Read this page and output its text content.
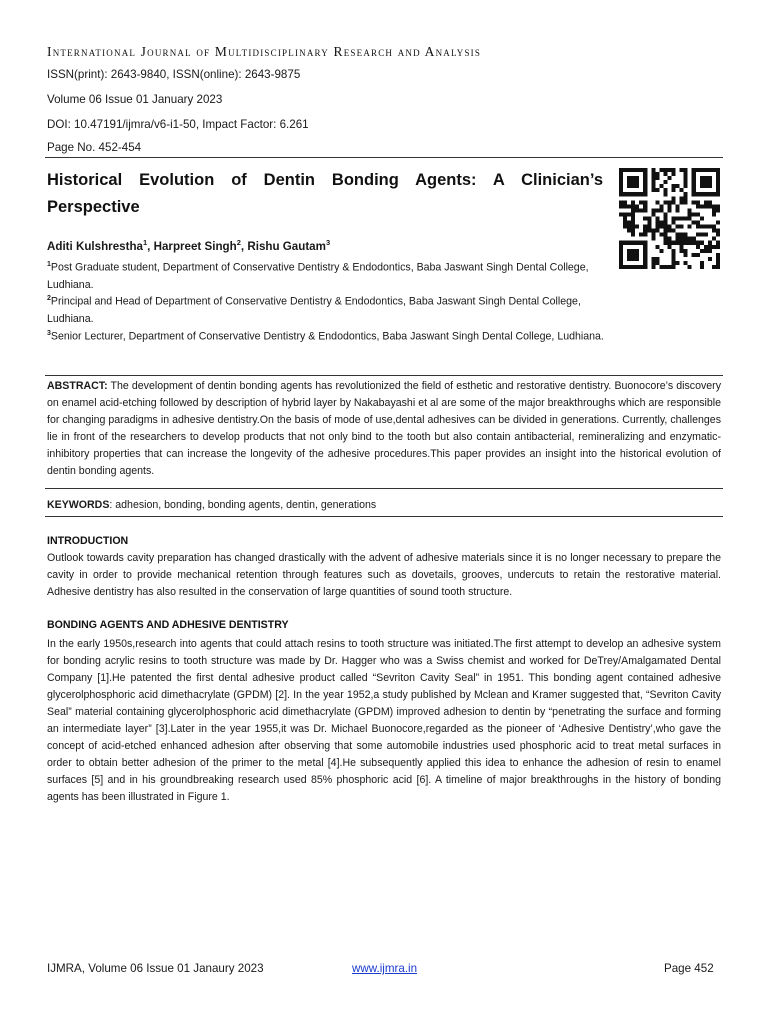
International Journal of Multidisciplinary Research and Analysis
ISSN(print): 2643-9840, ISSN(online): 2643-9875
Volume 06 Issue 01 January 2023
DOI: 10.47191/ijmra/v6-i1-50, Impact Factor: 6.261
Page No. 452-454
Historical Evolution of Dentin Bonding Agents: A Clinician’s Perspective
Aditi Kulshrestha$^1$, Harpreet Singh$^2$, Rishu Gautam$^3$
$^1$Post Graduate student, Department of Conservative Dentistry & Endodontics, Baba Jaswant Singh Dental College, Ludhiana.
$^2$Principal and Head of Department of Conservative Dentistry & Endodontics, Baba Jaswant Singh Dental College, Ludhiana.
$^3$Senior Lecturer, Department of Conservative Dentistry & Endodontics, Baba Jaswant Singh Dental College, Ludhiana.
ABSTRACT: The development of dentin bonding agents has revolutionized the field of esthetic and restorative dentistry. Buonocore’s discovery on enamel acid-etching followed by description of hybrid layer by Nakabayashi et al are some of the major breakthroughs which are responsible for changing paradigms in adhesive dentistry.On the basis of mode of use,dental adhesives can be divided in generations. Currently, challenges lie in front of the researchers to develop products that not only bind to the tooth but also contain antibacterial, remineralizing and enzymatic-inhibitory properties that can increase the longevity of the adhesive procedures.This paper provides an insight into the historical evolution of dentin bonding agents.
KEYWORDS: adhesion, bonding, bonding agents, dentin, generations
INTRODUCTION
Outlook towards cavity preparation has changed drastically with the advent of adhesive materials since it is no longer necessary to prepare the cavity in order to provide mechanical retention through features such as dovetails, grooves, undercuts to retain the restorative material. Adhesive dentistry has also resulted in the conservation of large quantities of sound tooth structure.
BONDING AGENTS AND ADHESIVE DENTISTRY
In the early 1950s,research into agents that could attach resins to tooth structure was initiated.The first attempt to develop an adhesive system for bonding acrylic resins to tooth structure was made by Dr. Hagger who was a Swiss chemist and worked for DeTrey/Amalgamated Dental Company [1].He patented the first dental adhesive product called “Sevriton Cavity Seal” in 1951. This bonding agent contained adhesive glycerolphosphoric acid dimethacrylate (GPDM) [2]. In the year 1952,a study published by Mclean and Kramer suggested that, “Sevriton Cavity Seal” material containing glycerolphosphoric acid dimethacrylate (GPDM) improved adhesion to dentin by “penetrating the surface and forming an intermediate layer” [3].Later in the year 1955,it was Dr. Michael Buonocore,regarded as the pioneer of ‘Adhesive Dentistry’,who gave the concept of acid-etched enhanced adhesion after observing that some automobile industries used phosphoric acid to treat metal surfaces in order to obtain better adhesion of the primer to the metal [4].He subsequently applied this idea to enhance the adhesion of resin to enamel surfaces [5] and in his groundbreaking research used 85% phosphoric acid [6]. A timeline of major breakthroughs in the history of bonding agents has been illustrated in Figure 1.
IJMRA, Volume 06 Issue 01 Janaury 2023	www.ijmra.in	Page 452
